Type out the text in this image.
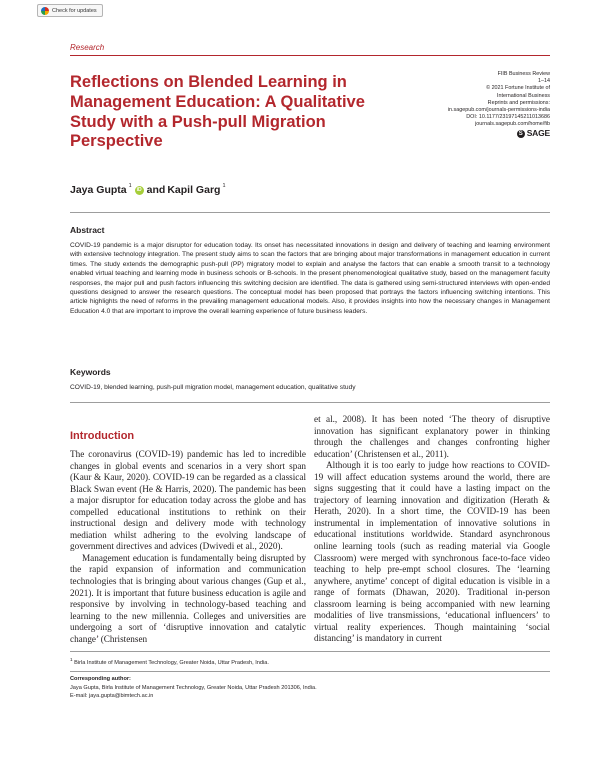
Check for updates
Research
Reflections on Blended Learning in Management Education: A Qualitative Study with a Push-pull Migration Perspective
FIIB Business Review
1–14
© 2021 Fortune Institute of
International Business
Reprints and permissions:
in.sagepub.com/journals-permissions-india
DOI: 10.1177/23197145211013686
journals.sagepub.com/home/fib
S SAGE
Jaya Gupta $^1$
iD and Kapil Garg $^1$
Abstract

COVID-19 pandemic is a major disruptor for education today. Its onset has necessitated innovations in design and delivery of teaching and learning environment with extensive technology integration. The present study aims to scan the factors that are bringing about major transformations in management education in current times. The study extends the demographic push-pull (PP) migratory model to explain and analyse the factors that can enable a smooth transit to a technology enabled virtual teaching and learning mode in business schools or B-schools. In the present phenomenological qualitative study, based on the management faculty responses, the major pull and push factors influencing this switching decision are identified. The data is gathered using semi-structured interviews with open-ended questions designed to answer the research questions. The conceptual model has been proposed that portrays the factors influencing switching intentions. This article highlights the need of reforms in the prevailing management educational models. Also, it provides insights into how the necessary changes in Management Education 4.0 that are important to improve the overall learning experience of future business leaders.

Keywords

COVID-19, blended learning, push-pull migration model, management education, qualitative study

Introduction

The coronavirus (COVID-19) pandemic has led to incredible changes in global events and scenarios in a very short span (Kaur & Kaur, 2020). COVID-19 can be regarded as a classical Black Swan event (He & Harris, 2020). The pandemic has been a major disruptor for education today across the globe and has compelled educational institutions to rethink on their instructional design and delivery mode with technology mediation whilst adhering to the evolving landscape of government directives and advices (Dwivedi et al., 2020).

Management education is fundamentally being disrupted by the rapid expansion of information and communication technologies that is bringing about various changes (Gup et al., 2021). It is important that future business education is agile and responsive by involving in technology-based teaching and learning to the new millennia. Colleges and universities are undergoing a sort of ‘disruptive innovation and catalytic change’ (Christensen

et al., 2008). It has been noted ‘The theory of disruptive innovation has significant explanatory power in thinking through the challenges and changes confronting higher education’ (Christensen et al., 2011).

Although it is too early to judge how reactions to COVID-19 will affect education systems around the world, there are signs suggesting that it could have a lasting impact on the trajectory of learning innovation and digitization (Herath & Herath, 2020). In a short time, the COVID-19 has been instrumental in implementation of innovative solutions in educational institutions worldwide. Standard asynchronous online learning tools (such as reading material via Google Classroom) were merged with synchronous face-to-face video teaching to help pre-empt school closures. The ‘learning anywhere, anytime’ concept of digital education is visible in a range of formats (Dhawan, 2020). Traditional in-person classroom learning is being accompanied with new learning modalities of live transmissions, ‘educational influencers’ to virtual reality experiences. Though maintaining ‘social distancing’ is mandatory in current

$^1$ Birla Institute of Management Technology, Greater Noida, Uttar Pradesh, India.
Corresponding author:
Jaya Gupta, Birla Institute of Management Technology, Greater Noida, Uttar Pradesh 201306, India.
E-mail: jaya.gupta@bimtech.ac.in
